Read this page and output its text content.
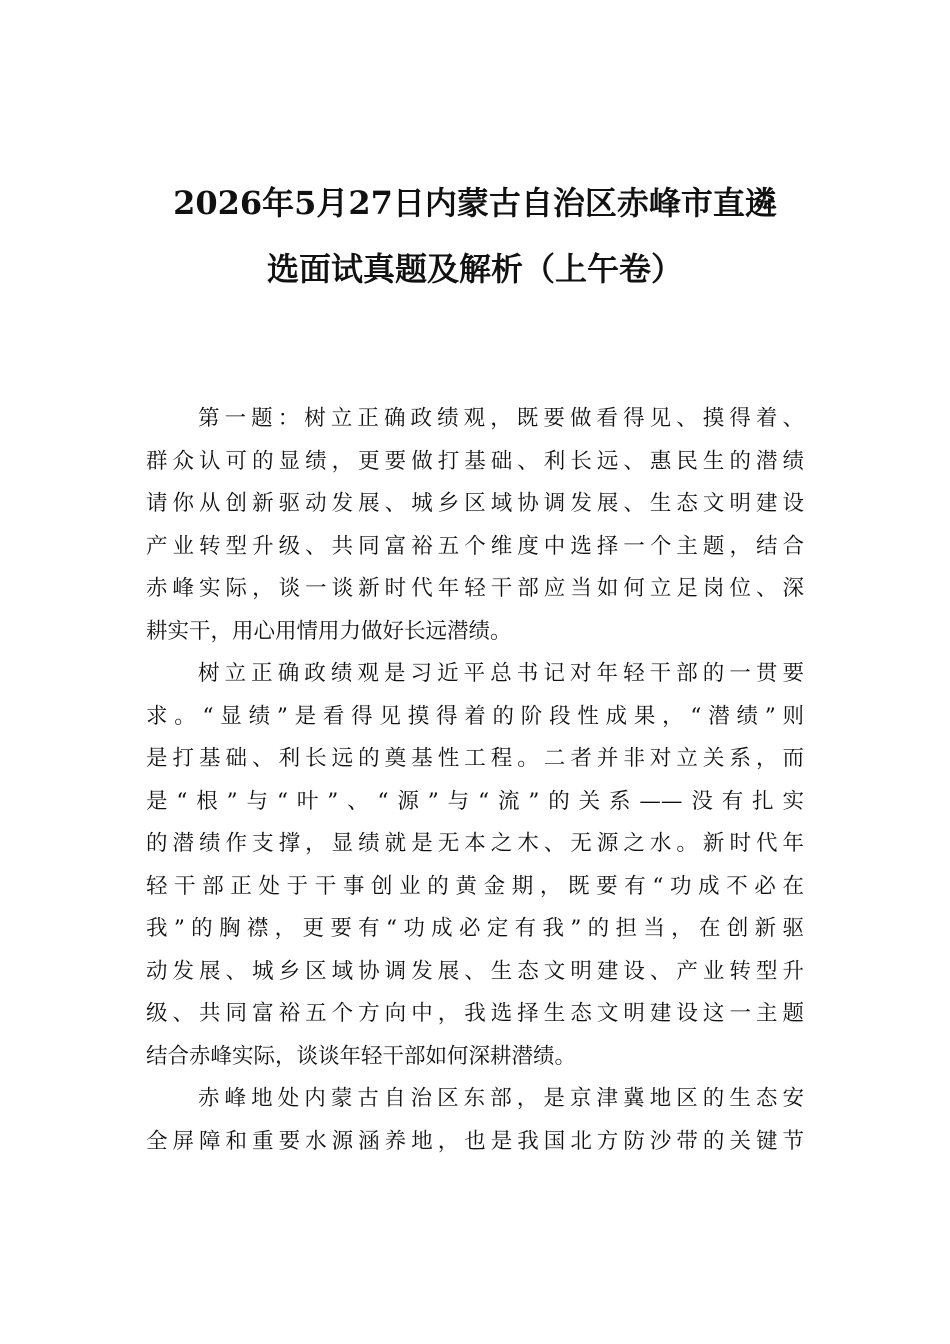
2026年5月27日内蒙古自治区赤峰市直遴
选面试真题及解析（上午卷）
第一题：树立正确政绩观，既要做看得见、摸得着、
群众认可的显绩，更要做打基础、利长远、惠民生的潜绩
请你从创新驱动发展、城乡区域协调发展、生态文明建设
产业转型升级、共同富裕五个维度中选择一个主题，结合
赤峰实际，谈一谈新时代年轻干部应当如何立足岗位、深
耕实干，用心用情用力做好长远潜绩。
树立正确政绩观是习近平总书记对年轻干部的一贯要
求。“显绩”是看得见摸得着的阶段性成果，“潜绩”则
是打基础、利长远的奠基性工程。二者并非对立关系，而
是“根”与“叶”、“源”与“流”的关系——没有扎实
的潜绩作支撑，显绩就是无本之木、无源之水。新时代年
轻干部正处于干事创业的黄金期，既要有“功成不必在
我”的胸襟，更要有“功成必定有我”的担当，在创新驱
动发展、城乡区域协调发展、生态文明建设、产业转型升
级、共同富裕五个方向中，我选择生态文明建设这一主题
结合赤峰实际，谈谈年轻干部如何深耕潜绩。
赤峰地处内蒙古自治区东部，是京津冀地区的生态安
全屏障和重要水源涵养地，也是我国北方防沙带的关键节
